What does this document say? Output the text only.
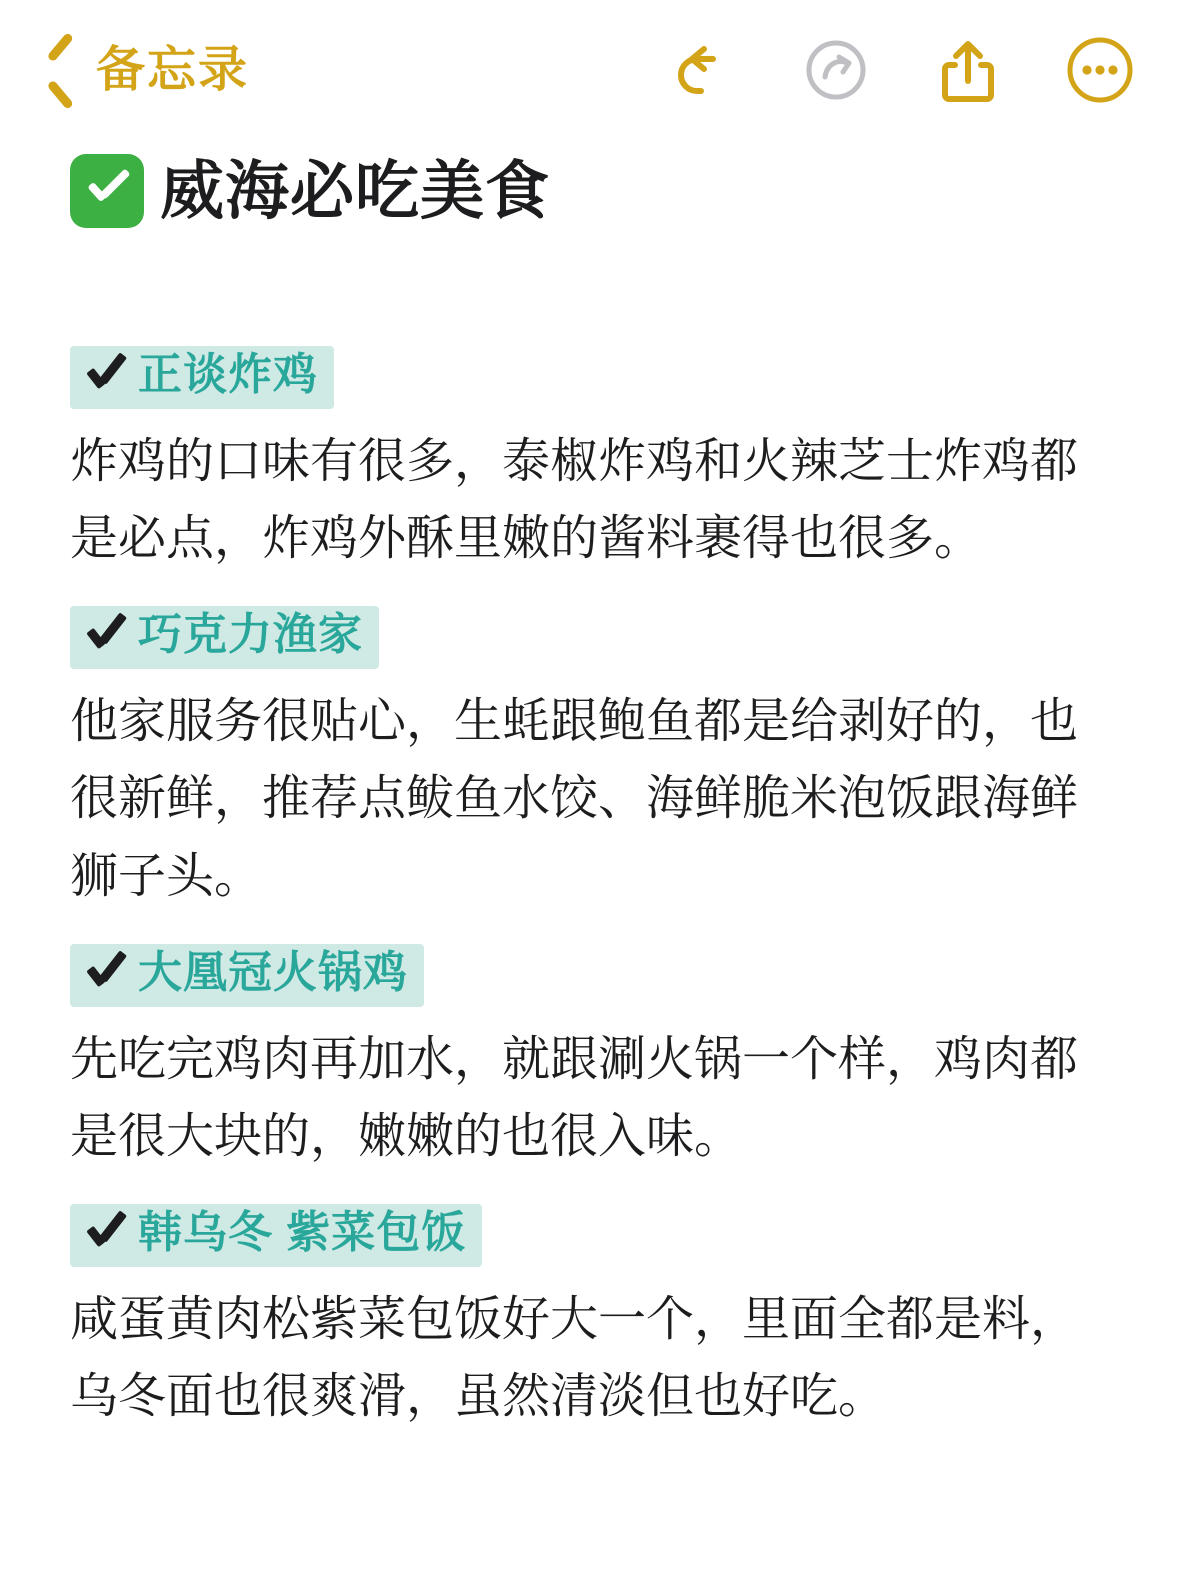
备忘录
威海必吃美食
正谈炸鸡
炸鸡的口味有很多，泰椒炸鸡和火辣芝士炸鸡都是必点，炸鸡外酥里嫩的酱料裹得也很多。
巧克力渔家
他家服务很贴心，生蚝跟鲍鱼都是给剥好的，也很新鲜，推荐点鲅鱼水饺、海鲜脆米泡饭跟海鲜狮子头。
大凰冠火锅鸡
先吃完鸡肉再加水，就跟涮火锅一个样，鸡肉都是很大块的，嫩嫩的也很入味。
韩乌冬 紫菜包饭
咸蛋黄肉松紫菜包饭好大一个，里面全都是料，乌冬面也很爽滑，虽然清淡但也好吃。
